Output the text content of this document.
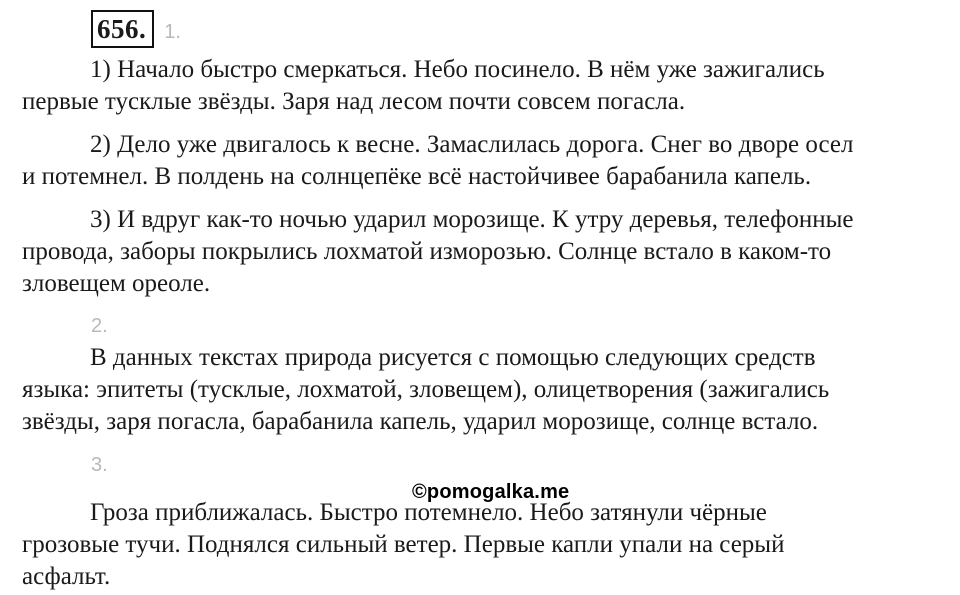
656. 1.

1) Начало быстро смеркаться. Небо посинело. В нём уже зажигались
первые тусклые звёзды. Заря над лесом почти совсем погасла.

2) Дело уже двигалось к весне. Замаслилась дорога. Снег во дворе осел
и потемнел. В полдень на солнцепёке всё настойчивее барабанила капель.

3) И вдруг как-то ночью ударил морозище. К утру деревья, телефонные
провода, заборы покрылись лохматой изморозью. Солнце встало в каком-то
зловещем ореоле.

2.

В данных текстах природа рисуется с помощью следующих средств
языка: эпитеты (тусклые, лохматой, зловещем), олицетворения (зажигались
звёзды, заря погасла, барабанила капель, ударил морозище, солнце встало.

3.

Гроза приближалась. Быстро потемнело. Небо затянули чёрные
грозовые тучи. Поднялся сильный ветер. Первые капли упали на серый
асфальт.

©pomogalka.me
